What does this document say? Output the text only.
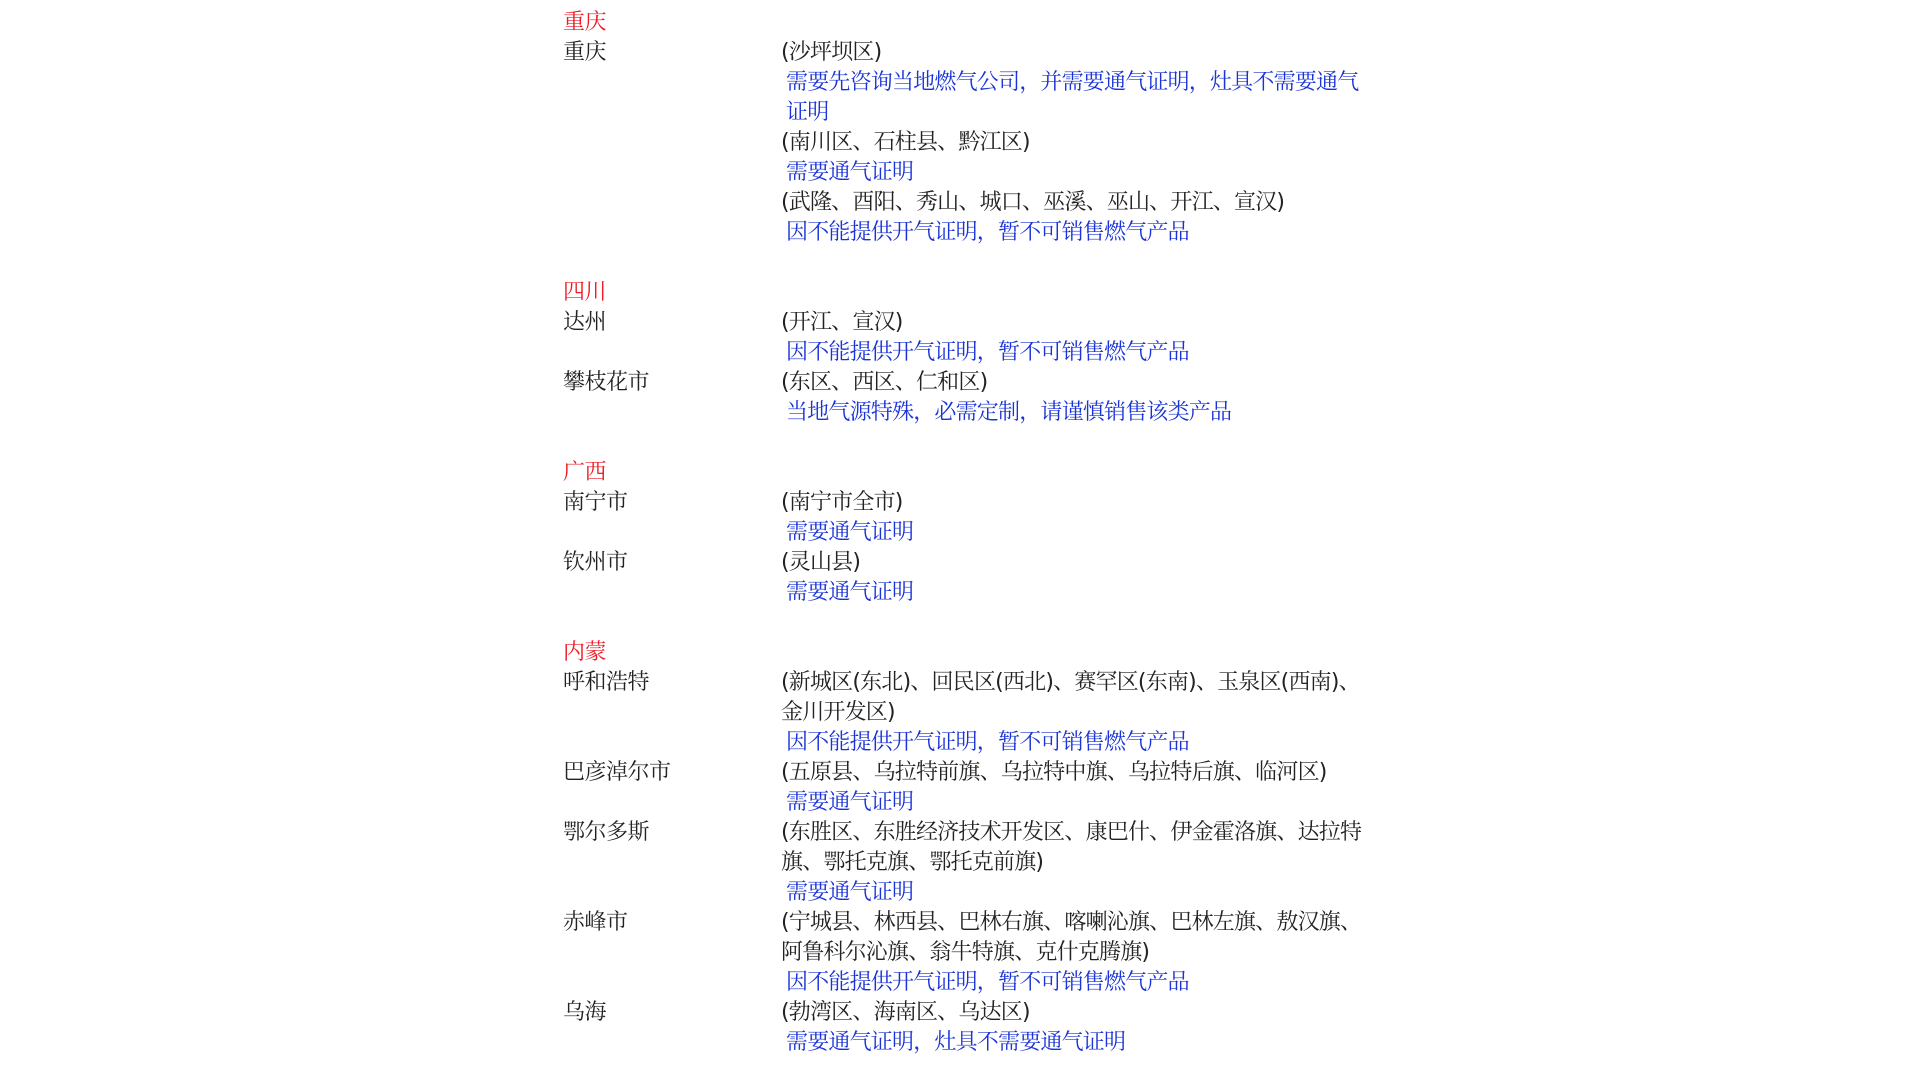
重庆
重庆	(沙坪坝区)
需要先咨询当地燃气公司，并需要通气证明，灶具不需要通气证明
(南川区、石柱县、黔江区)
需要通气证明
(武隆、酉阳、秀山、城口、巫溪、巫山、开江、宣汉)
因不能提供开气证明，暂不可销售燃气产品
四川
达州	(开江、宣汉)
因不能提供开气证明，暂不可销售燃气产品
攀枝花市	(东区、西区、仁和区)
当地气源特殊，必需定制，请谨慎销售该类产品
广西
南宁市	(南宁市全市)
需要通气证明
钦州市	(灵山县)
需要通气证明
内蒙
呼和浩特	(新城区(东北)、回民区(西北)、赛罕区(东南)、玉泉区(西南)、金川开发区)
因不能提供开气证明，暂不可销售燃气产品
巴彦淖尔市	(五原县、乌拉特前旗、乌拉特中旗、乌拉特后旗、临河区)
需要通气证明
鄂尔多斯	(东胜区、东胜经济技术开发区、康巴什、伊金霍洛旗、达拉特旗、鄂托克旗、鄂托克前旗)
需要通气证明
赤峰市	(宁城县、林西县、巴林右旗、喀喇沁旗、巴林左旗、敖汉旗、阿鲁科尔沁旗、翁牛特旗、克什克腾旗)
因不能提供开气证明，暂不可销售燃气产品
乌海	(勃湾区、海南区、乌达区)
需要通气证明，灶具不需要通气证明
